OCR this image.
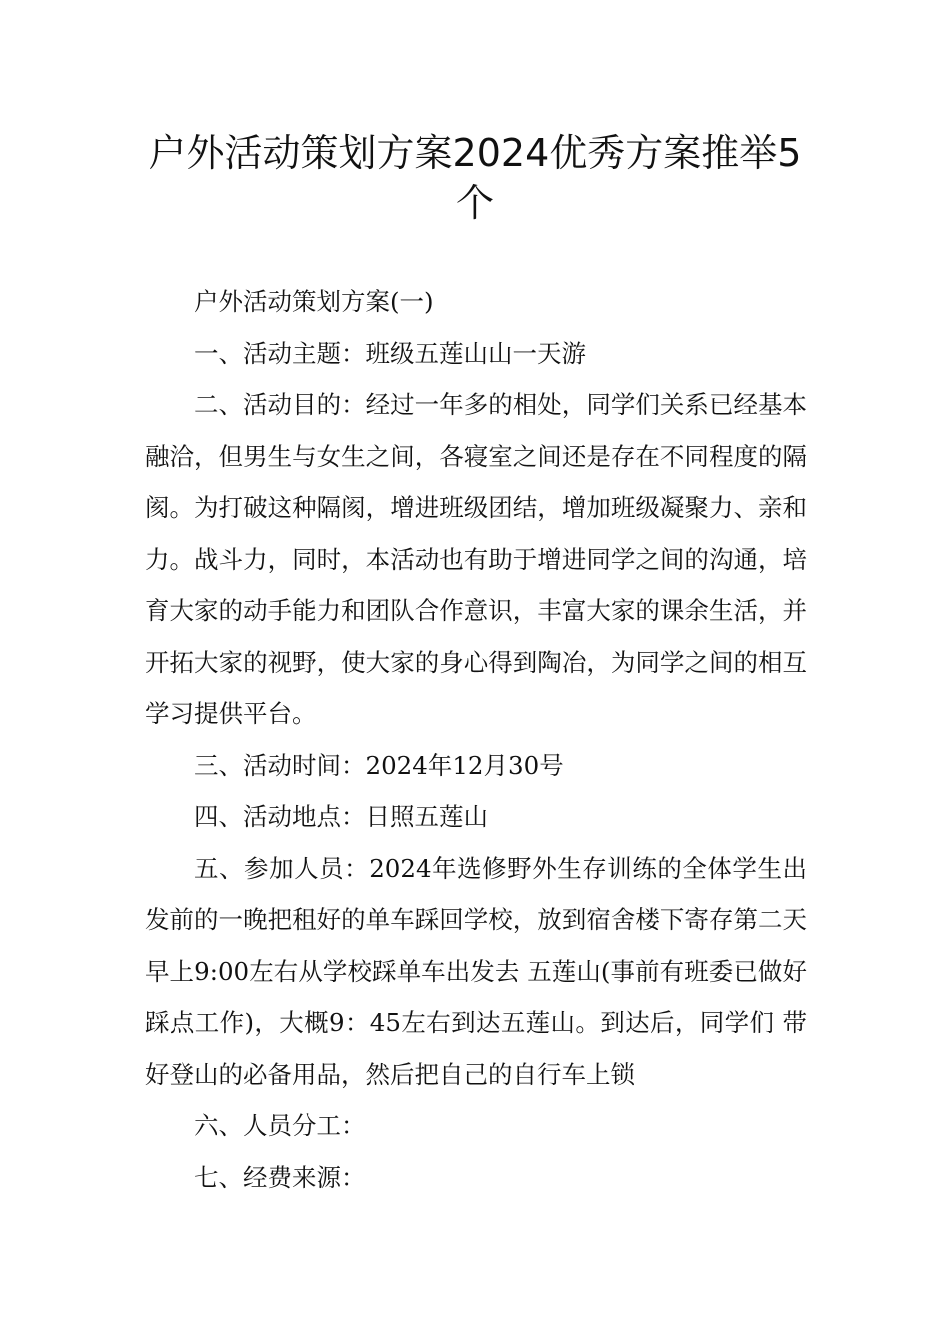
户外活动策划方案2024优秀方案推举5个

户外活动策划方案(一)

一、活动主题：班级五莲山山一天游

二、活动目的：经过一年多的相处，同学们关系已经基本融洽，但男生与女生之间，各寝室之间还是存在不同程度的隔阂。为打破这种隔阂，增进班级团结，增加班级凝聚力、亲和力。战斗力，同时，本活动也有助于增进同学之间的沟通，培育大家的动手能力和团队合作意识，丰富大家的课余生活，并开拓大家的视野，使大家的身心得到陶冶，为同学之间的相互学习提供平台。

三、活动时间：2024年12月30号

四、活动地点：日照五莲山

五、参加人员：2024年选修野外生存训练的全体学生出发前的一晚把租好的单车踩回学校，放到宿舍楼下寄存第二天早上9:00左右从学校踩单车出发去 五莲山(事前有班委已做好踩点工作)，大概9：45左右到达五莲山。到达后，同学们 带好登山的必备用品，然后把自己的自行车上锁

六、人员分工：

七、经费来源：
